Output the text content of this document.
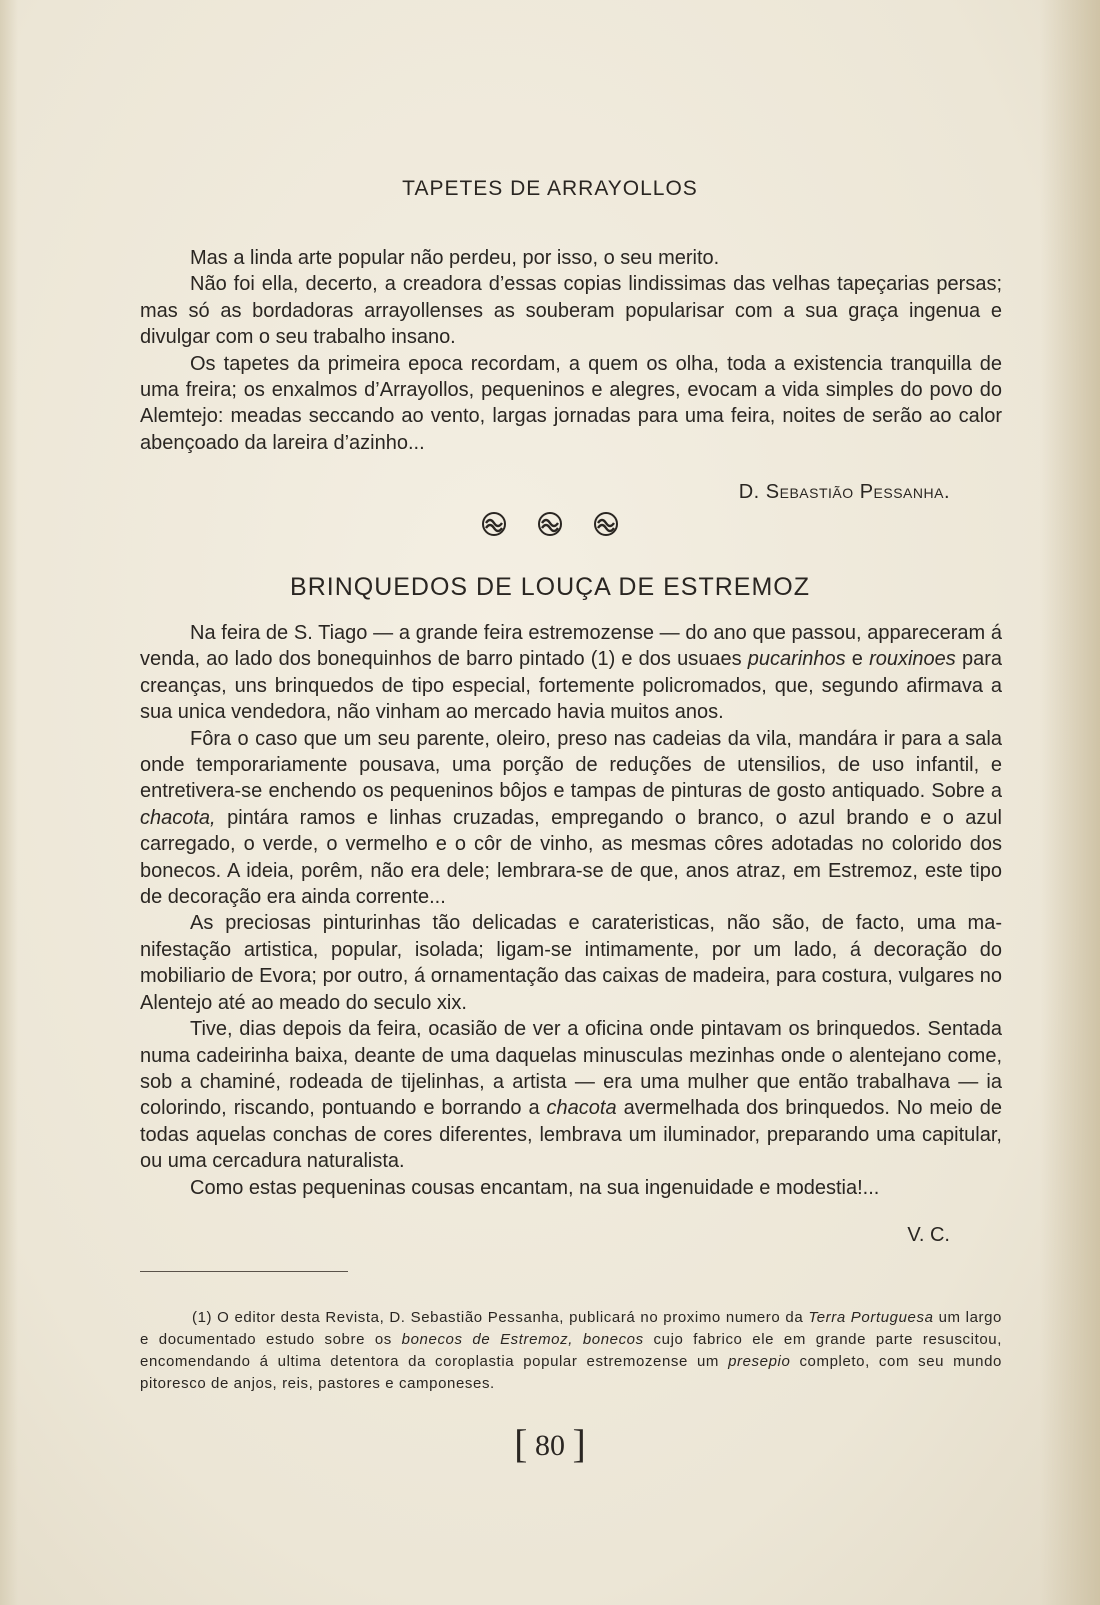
TAPETES DE ARRAYOLLOS

Mas a linda arte popular não perdeu, por isso, o seu merito.

Não foi ella, decerto, a creadora d’essas copias lindissimas das velhas tapeçarias persas; mas só as bordadoras arrayollenses as souberam popularisar com a sua graça ingenua e divulgar com o seu trabalho insano.

Os tapetes da primeira epoca recordam, a quem os olha, toda a existencia tranquilla de uma freira; os enxalmos d’Arrayollos, pequeninos e alegres, evocam a vida simples do povo do Alemtejo: meadas seccando ao vento, largas jornadas para uma feira, noites de serão ao calor abençoado da lareira d’azinho...

D. Sebastião Pessanha.

BRINQUEDOS DE LOUÇA DE ESTREMOZ

Na feira de S. Tiago — a grande feira estremozense — do ano que passou, appareceram á venda, ao lado dos bonequinhos de barro pintado (1) e dos usuaes pucarinhos e rouxinoes para creanças, uns brinquedos de tipo especial, fortemente policromados, que, segundo afirmava a sua unica vendedora, não vinham ao mercado havia muitos anos.

Fôra o caso que um seu parente, oleiro, preso nas cadeias da vila, mandára ir para a sala onde temporariamente pousava, uma porção de reduções de utensilios, de uso infantil, e entretivera-se enchendo os pequeninos bôjos e tampas de pinturas de gosto antiquado. Sobre a chacota, pintára ramos e linhas cruzadas, empregando o branco, o azul brando e o azul carregado, o verde, o vermelho e o côr de vinho, as mesmas côres adotadas no colorido dos bonecos. A ideia, porêm, não era dele; lembrara-se de que, anos atraz, em Estremoz, este tipo de decoração era ainda corrente...

As preciosas pinturinhas tão delicadas e carateristicas, não são, de facto, uma manifestação artistica, popular, isolada; ligam-se intimamente, por um lado, á decoração do mobiliario de Evora; por outro, á ornamentação das caixas de madeira, para costura, vulgares no Alentejo até ao meado do seculo xix.

Tive, dias depois da feira, ocasião de ver a oficina onde pintavam os brinquedos. Sentada numa cadeirinha baixa, deante de uma daquelas minusculas mezinhas onde o alentejano come, sob a chaminé, rodeada de tijelinhas, a artista — era uma mulher que então trabalhava — ia colorindo, riscando, pontuando e borrando a chacota avermelhada dos brinquedos. No meio de todas aquelas conchas de cores diferentes, lembrava um iluminador, preparando uma capitular, ou uma cercadura naturalista.

Como estas pequeninas cousas encantam, na sua ingenuidade e modestia!...

V. C.
(1) O editor desta Revista, D. Sebastião Pessanha, publicará no proximo numero da Terra Portuguesa um largo e documentado estudo sobre os bonecos de Estremoz, bonecos cujo fabrico ele em grande parte resuscitou, encomendando á ultima detentora da coroplastia popular estremozense um presepio completo, com seu mundo pitoresco de anjos, reis, pastores e camponeses.
[ 80 ]
